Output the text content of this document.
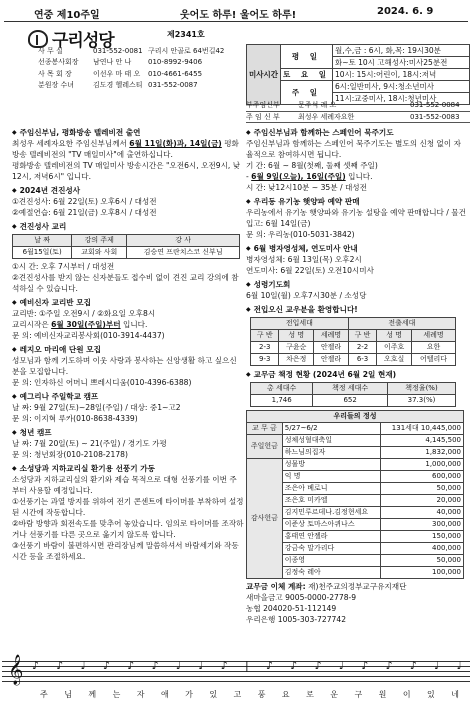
연중 제10주일	웃어도 하루! 울어도 하루!	2024. 6. 9
구리성당	제2341호
사 무 실	031-552-0081 구리시 안골로 64번길42
선종봉사회장	남연나 안 나	010-8992-9406
사 목 회 장	이선우 마 태 오	010-4661-6455
분원장 수녀	김도경 헬레스티 031-552-0087
미사시간	평 일	월,수,금 : 6시, 화,목: 19시30분
		화~토 10시 고해성사:미사25분전
	토 요 일	10시: 15시:어린이, 18시:저녁
	주 일	6시:일반미사, 9시:청소년미사
		11시:교중미사, 18시:청년미사
부주임신부	문주석 레 오	031-552-0084
주 임 신 부	최성우 세례자요한	031-552-0083
◆ 주임신부님, 평화방송 텔레비전 출연
최성우 세례자요한 주임신부님께서 6월 11일(화)과, 14일(금) 평화방송 텔레비전의 "TV 매일미사"에 출연하십니다.
평화방송 텔레비전의 TV 매일미사 방송시간은 "오전6시, 오전9시, 낮12시, 저녁6시" 입니다.
◆ 2024년 견진성사
①견진성사: 6월 22일(토) 오후6시 / 대성전
②예절연습: 6월 21일(금) 오후8시 / 대성전
◆ 견진성사 교리
날 짜	강의 주제	강 사
6월15일(토)	교회와 사회	김승연 프란치스코 신부님
①시 간: 오후 7시부터 / 대성전
②견진성사를 받지 않는 신자분들도 접수비 없이 견진 교리 강의에 참석하실 수 있습니다.
◆ 예비신자 교리반 모집
교리반: ①주일 오전9시 / ②화요일 오후8시
교리시작은 6월 30일(주일)부터 입니다.
문 의: 예비신자교리봉사회(010-3914-4437)
◆ 레지오 마리애 단원 모집
성모님과 함께 기도하며 이웃 사랑과 봉사하는 신앙생활 하고 싶으신 분을 모집합니다.
문 의: 인자하신 어머니 쁘레시디움(010-4396-6388)
◆ 예그리나 주일학교 캠프
날 짜: 9월 27일(토)~28일(주일) / 대상: 중1~고2
문 의: 이지혁 루카(010-8638-4339)
◆ 청년 캠프
날 짜: 7월 20일(토) ~ 21(주일) / 경기도 가평
문 의: 청년회장(010-2108-2178)
◆ 소성당과 지하교리실 환기용 선풍기 가동
소성당과 지하교리실의 환기와 제습 목적으로 대형 선풍기를 이번 주부터 사용할 예정입니다.
①선풍기는 과열 방지를 위하여 전기 콘센트에 타이머를 부착하여 설정된 시간에 작동합니다.
②바람 방향과 회전속도를 맞추어 놓았습니다. 임의로 타이머를 조작하거나 선풍기를 다른 곳으로 옮기지 않도록 합니다.
③선풍기 바람이 불편하시면 관리장님께 말씀하셔서 바람세기와 작동 시간 등을 조절하세요.
◆ 주임신부님과 함께하는 스페인어 묵주기도
주임신부님과 함께하는 스페인어 묵주기도는 별도의 신청 없이 자율적으로 참여하시면 됩니다.
기 간: 6월 ~ 8월(첫째, 둘째 셋째 주일)
- 6월 9일(오늘), 16일(주일) 입니다.
시 간: 낮12시10분 ~ 35분 / 대성전
◆ 우리동 유기농 햇양파 예약 판매
우리농에서 유기농 햇양파와 유기농 설탕을 예약 판매합니다 / 물건 입고: 6월 14일(금)
문 의: 우리농(010-5031-3842)
◆ 6월 병자영성체, 연도미사 안내
병자영성체: 6월 13일(목) 오후2시
연도미사: 6월 22일(토) 오전10시미사
◆ 성령기도회
6월 10일(월) 오후7시30분 / 소성당
◆ 전입오신 교우분을 환영합니다!
전입세대			전출세대		
구 반	성 명	세례명	구 반	성 명	세례명
2-3	구윤순	안젤라	2-2	이주호	요한
9-3	차은정	안젤라	6-3	오호실	어텔리다
◆ 교무금 책정 현황 (2024년 6월 2일 현재)
총 세대수	책정 세대수	책정율(%)
1,746	652	37.3(%)
우리들의 정성		
교 무 금	5/27~6/2	131세대 10,445,000
주일헌금	성체성혈대축일	4,145,500
	하느님의집자	1,832,000
감사헌금	성물방	1,000,000
	익 명	600,000
	조은아 베로니	50,000
	조은호 미카엘	20,000
	김지민루르데나.김정현세요	40,000
	이준상 토마스아퀴나스	300,000
	홍태연 안젤라	150,000
	강금숙 말가리다	400,000
	이종영	50,000
	김정숙 레아	100,000
교무금 이체 계좌: 재)천주교의정부교구유지재단
새마을금고 9005-0000-2778-9
농협 204020-51-112149
우리은행 1005-303-727742
𝄞 ♪ ♪ ♩ ♪ ♪ ♪ ♩ ♩ ♪ | ♪ ♪ ♪ ♩ ♪ ♪ ♪ ♩ ♩
주 님 께 는 자 애 가 있 고 풍 요 로 운 구 원 이 있 네
